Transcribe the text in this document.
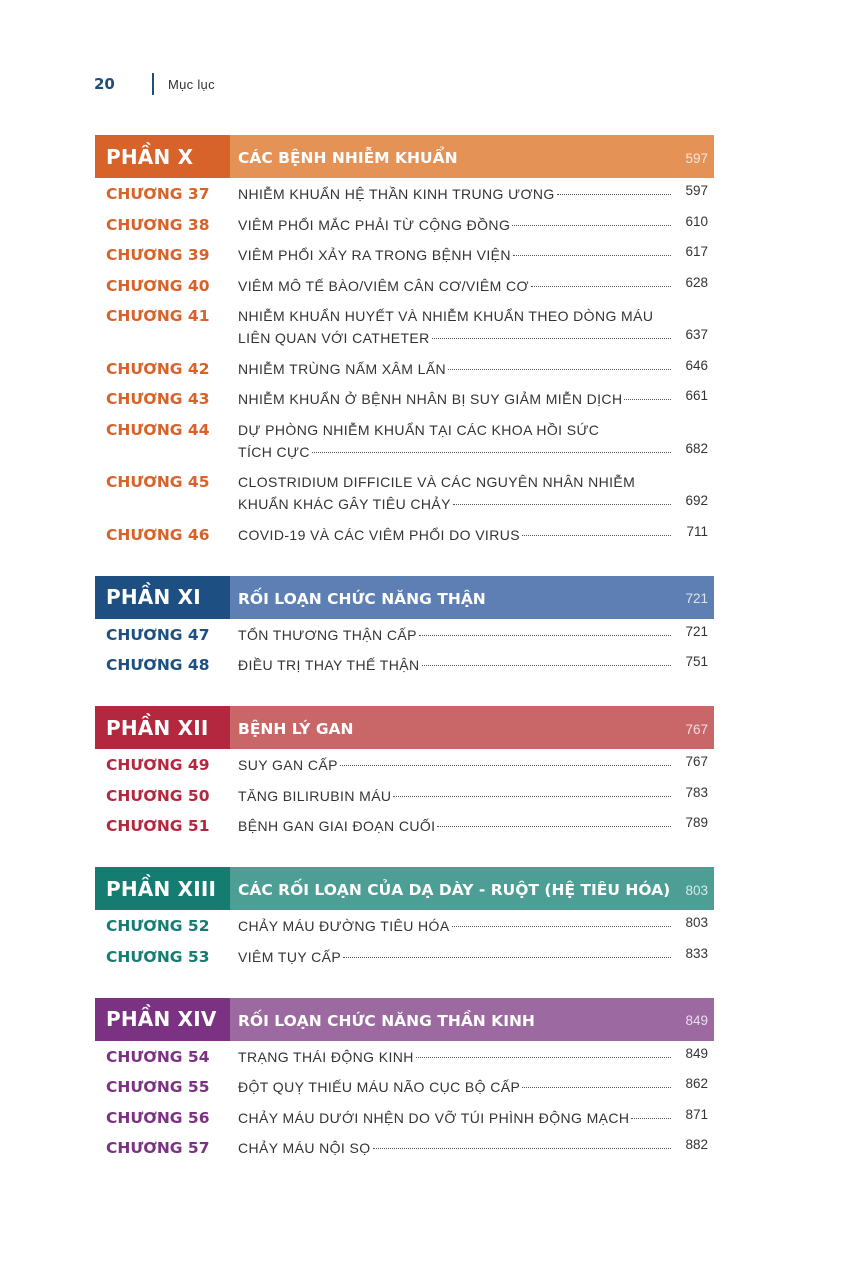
20	Mục lục
PHẦN X	CÁC BỆNH NHIỄM KHUẨN	597
CHƯƠNG 37	NHIỄM KHUẨN HỆ THẦN KINH TRUNG ƯƠNG	597
CHƯƠNG 38	VIÊM PHỔI MẮC PHẢI TỪ CỘNG ĐỒNG	610
CHƯƠNG 39	VIÊM PHỔI XẢY RA TRONG BỆNH VIỆN	617
CHƯƠNG 40	VIÊM MÔ TẾ BÀO/VIÊM CÂN CƠ/VIÊM CƠ	628
CHƯƠNG 41	NHIỄM KHUẨN HUYẾT VÀ NHIỄM KHUẨN THEO DÒNG MÁU
LIÊN QUAN VỚI CATHETER	637
CHƯƠNG 42	NHIỄM TRÙNG NẤM XÂM LẤN	646
CHƯƠNG 43	NHIỄM KHUẨN Ở BỆNH NHÂN BỊ SUY GIẢM MIỄN DỊCH	661
CHƯƠNG 44	DỰ PHÒNG NHIỄM KHUẨN TẠI CÁC KHOA HỒI SỨC
TÍCH CỰC	682
CHƯƠNG 45	CLOSTRIDIUM DIFFICILE VÀ CÁC NGUYÊN NHÂN NHIỄM
KHUẨN KHÁC GÂY TIÊU CHẢY	692
CHƯƠNG 46	COVID-19 VÀ CÁC VIÊM PHỔI DO VIRUS	711
PHẦN XI	RỐI LOẠN CHỨC NĂNG THẬN	721
CHƯƠNG 47	TỔN THƯƠNG THẬN CẤP	721
CHƯƠNG 48	ĐIỀU TRỊ THAY THẾ THẬN	751
PHẦN XII	BỆNH LÝ GAN	767
CHƯƠNG 49	SUY GAN CẤP	767
CHƯƠNG 50	TĂNG BILIRUBIN MÁU	783
CHƯƠNG 51	BỆNH GAN GIAI ĐOẠN CUỐI	789
PHẦN XIII	CÁC RỐI LOẠN CỦA DẠ DÀY - RUỘT (HỆ TIÊU HÓA) 803
CHƯƠNG 52	CHẢY MÁU ĐƯỜNG TIÊU HÓA	803
CHƯƠNG 53	VIÊM TỤY CẤP	833
PHẦN XIV	RỐI LOẠN CHỨC NĂNG THẦN KINH	849
CHƯƠNG 54	TRẠNG THÁI ĐỘNG KINH	849
CHƯƠNG 55	ĐỘT QUỴ THIẾU MÁU NÃO CỤC BỘ CẤP	862
CHƯƠNG 56	CHẢY MÁU DƯỚI NHỆN DO VỠ TÚI PHÌNH ĐỘNG MẠCH	871
CHƯƠNG 57	CHẢY MÁU NỘI SỌ	882
